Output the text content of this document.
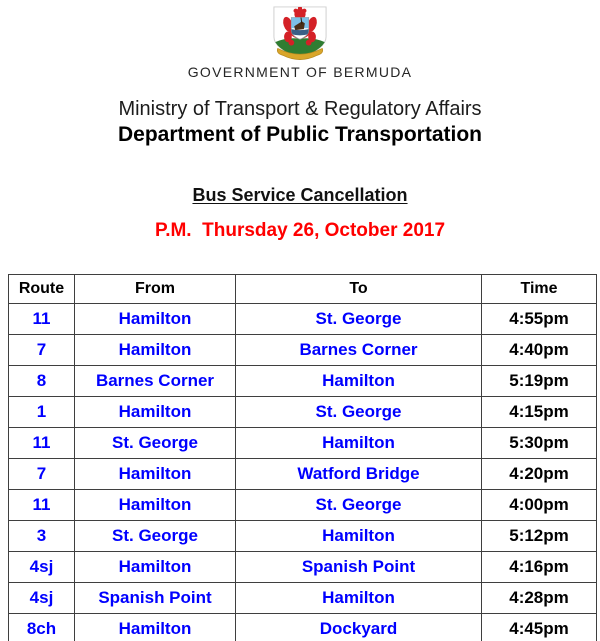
GOVERNMENT OF BERMUDA
Ministry of Transport & Regulatory Affairs
Department of Public Transportation
Bus Service Cancellation
P.M.  Thursday 26, October 2017
Route	From	To	Time
11	Hamilton	St. George	4:55pm
7	Hamilton	Barnes Corner	4:40pm
8	Barnes Corner	Hamilton	5:19pm
1	Hamilton	St. George	4:15pm
11	St. George	Hamilton	5:30pm
7	Hamilton	Watford Bridge	4:20pm
11	Hamilton	St. George	4:00pm
3	St. George	Hamilton	5:12pm
4sj	Hamilton	Spanish Point	4:16pm
4sj	Spanish Point	Hamilton	4:28pm
8ch	Hamilton	Dockyard	4:45pm
